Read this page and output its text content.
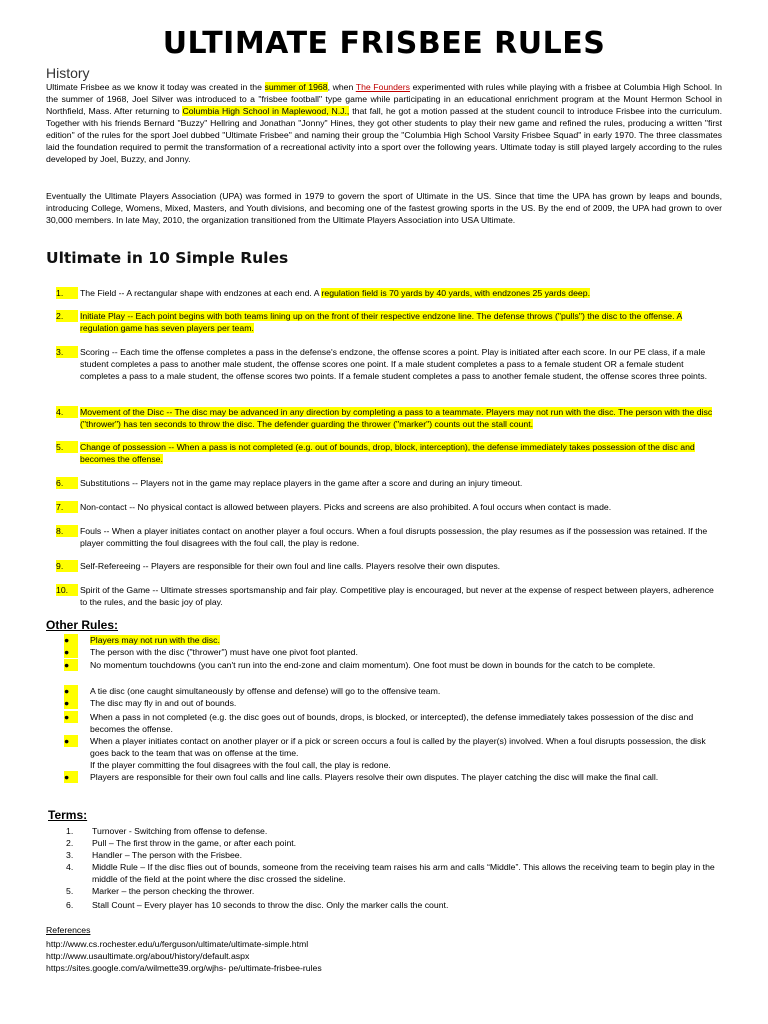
ULTIMATE FRISBEE RULES
History
Ultimate Frisbee as we know it today was created in the summer of 1968, when The Founders experimented with rules while playing with a frisbee at Columbia High School. In the summer of 1968, Joel Silver was introduced to a "frisbee football" type game while participating in an educational enrichment program at the Mount Hermon School in Northfield, Mass. After returning to Columbia High School in Maplewood, N.J., that fall, he got a motion passed at the student council to introduce Frisbee into the curriculum. Together with his friends Bernard "Buzzy" Hellring and Jonathan "Jonny" Hines, they got other students to play their new game and refined the rules, producing a written "first edition" of the rules for the sport Joel dubbed "Ultimate Frisbee" and naming their group the "Columbia High School Varsity Frisbee Squad" in early 1970. The three classmates laid the foundation required to permit the transformation of a recreational activity into a sport over the following years. Ultimate today is still played largely according to the rules developed by Joel, Buzzy, and Jonny.
Eventually the Ultimate Players Association (UPA) was formed in 1979 to govern the sport of Ultimate in the US. Since that time the UPA has grown by leaps and bounds, introducing College, Womens, Mixed, Masters, and Youth divisions, and becoming one of the fastest growing sports in the US. By the end of 2009, the UPA had grown to over 30,000 members. In late May, 2010, the organization transitioned from the Ultimate Players Association into USA Ultimate.
Ultimate in 10 Simple Rules
1.	The Field -- A rectangular shape with endzones at each end. A regulation field is 70 yards by 40 yards, with endzones 25 yards deep.
2.	Initiate Play -- Each point begins with both teams lining up on the front of their respective endzone line. The defense throws ("pulls") the disc to the offense. A regulation game has seven players per team.
3.	Scoring -- Each time the offense completes a pass in the defense's endzone, the offense scores a point. Play is initiated after each score. In our PE class, if a male student completes a pass to another male student, the offense scores one point. If a male student completes a pass to a female student OR a female student completes a pass to a male student, the offense scores two points. If a female student completes a pass to another female student, the offense scores three points.
4.	Movement of the Disc -- The disc may be advanced in any direction by completing a pass to a teammate. Players may not run with the disc. The person with the disc ("thrower") has ten seconds to throw the disc. The defender guarding the thrower ("marker") counts out the stall count.
5.	Change of possession -- When a pass is not completed (e.g. out of bounds, drop, block, interception), the defense immediately takes possession of the disc and becomes the offense.
6.	Substitutions -- Players not in the game may replace players in the game after a score and during an injury timeout.
7.	Non-contact -- No physical contact is allowed between players. Picks and screens are also prohibited. A foul occurs when contact is made.
8.	Fouls -- When a player initiates contact on another player a foul occurs. When a foul disrupts possession, the play resumes as if the possession was retained. If the player committing the foul disagrees with the foul call, the play is redone.
9.	Self-Refereeing -- Players are responsible for their own foul and line calls. Players resolve their own disputes.
10.	Spirit of the Game -- Ultimate stresses sportsmanship and fair play. Competitive play is encouraged, but never at the expense of respect between players, adherence to the rules, and the basic joy of play.
Other Rules:
●	Players may not run with the disc.
●	The person with the disc ("thrower") must have one pivot foot planted.
●	No momentum touchdowns (you can't run into the end-zone and claim momentum). One foot must be down in bounds for the catch to be complete.
●	A tie disc (one caught simultaneously by offense and defense) will go to the offensive team.
●	The disc may fly in and out of bounds.
●	When a pass in not completed (e.g. the disc goes out of bounds, drops, is blocked, or intercepted), the defense immediately takes possession of the disc and becomes the offense.
●	When a player initiates contact on another player or if a pick or screen occurs a foul is called by the player(s) involved. When a foul disrupts possession, the disk goes back to the team that was on offense at the time.
If the player committing the foul disagrees with the foul call, the play is redone.
●	Players are responsible for their own foul calls and line calls. Players resolve their own disputes. The player catching the disc will make the final call.
Terms:
1.	Turnover - Switching from offense to defense.
2.	Pull – The first throw in the game, or after each point.
3.	Handler – The person with the Frisbee.
4.	Middle Rule – If the disc flies out of bounds, someone from the receiving team raises his arm and calls “Middle”. This allows the receiving team to begin play in the middle of the field at the point where the disc crossed the sideline.
5.	Marker – the person checking the thrower.
6.	Stall Count – Every player has 10 seconds to throw the disc. Only the marker calls the count.
References
http://www.cs.rochester.edu/u/ferguson/ultimate/ultimate-simple.html
http://www.usaultimate.org/about/history/default.aspx
https://sites.google.com/a/wilmette39.org/wjhs- pe/ultimate-frisbee-rules
